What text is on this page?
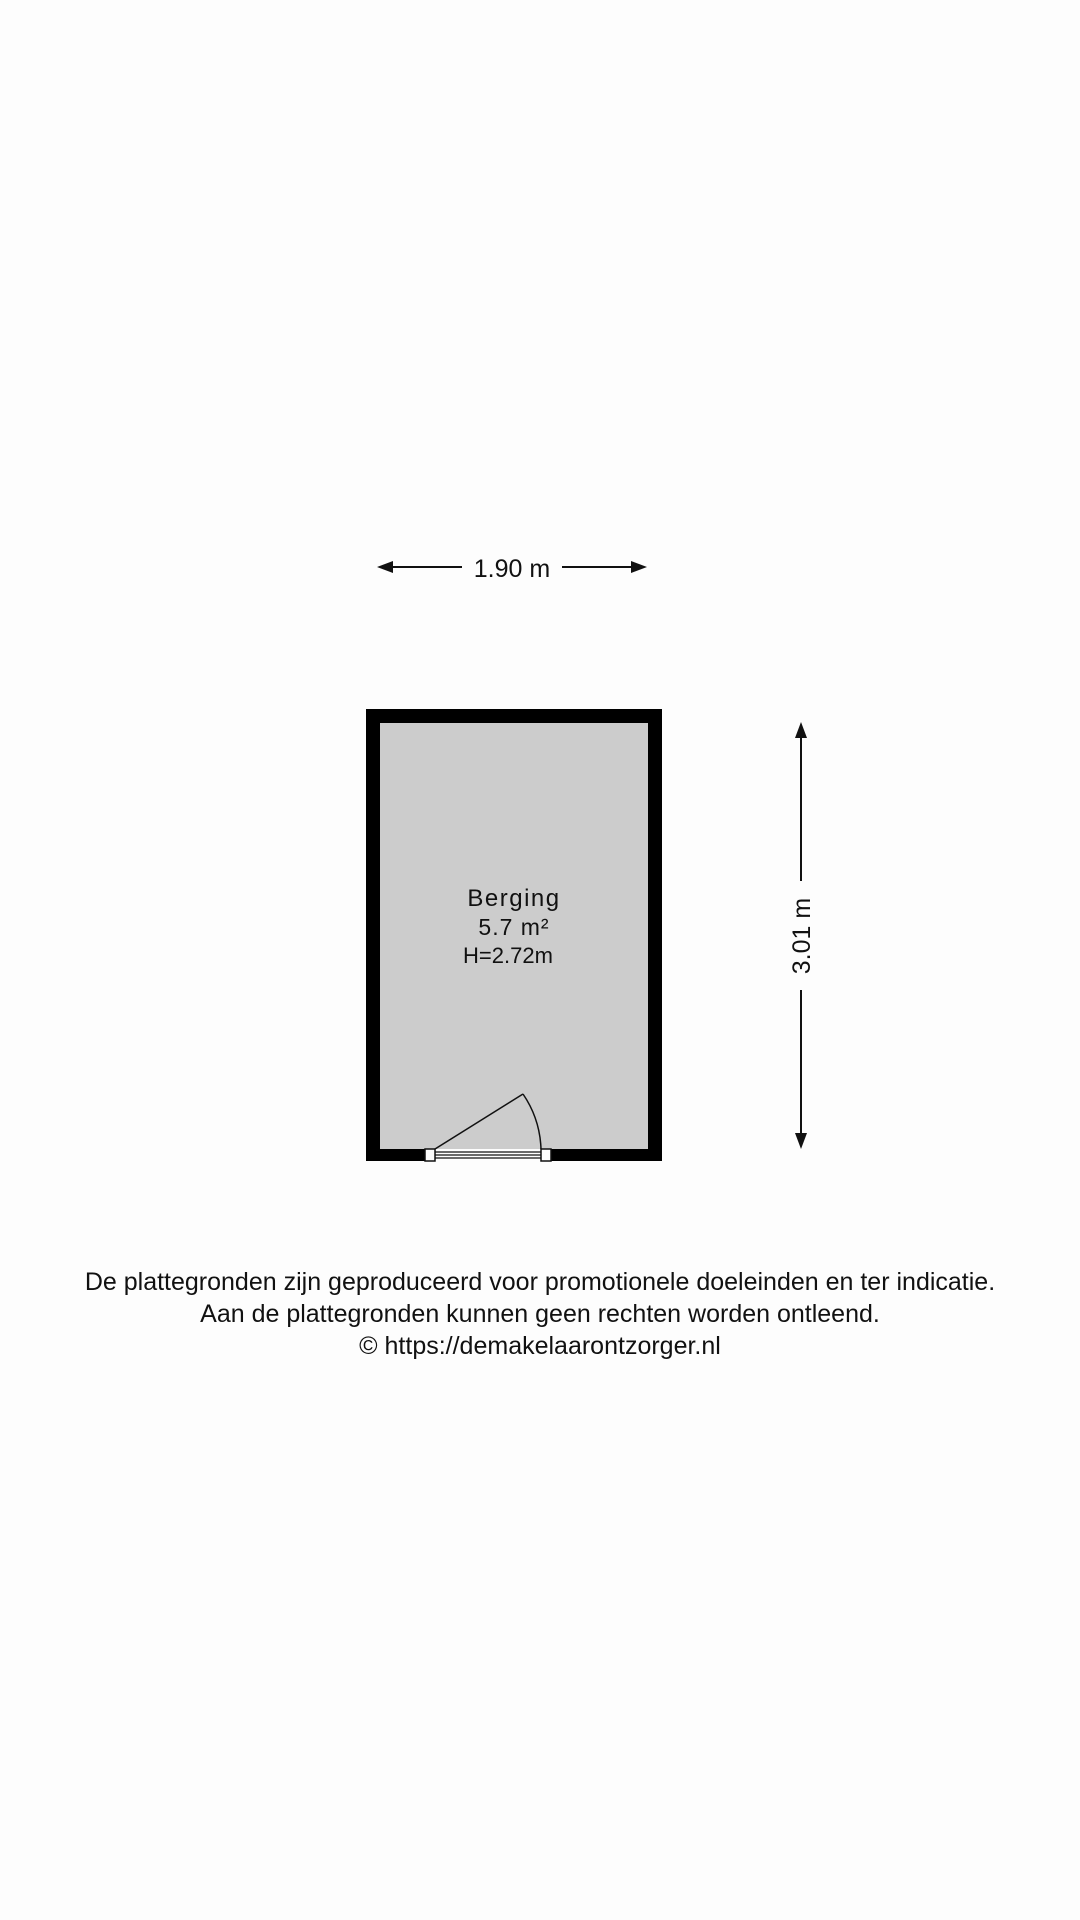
1.90 m
3.01 m
Berging
5.7 m²
H=2.72m
De plattegronden zijn geproduceerd voor promotionele doeleinden en ter indicatie.
Aan de plattegronden kunnen geen rechten worden ontleend.
© https://demakelaarontzorger.nl
